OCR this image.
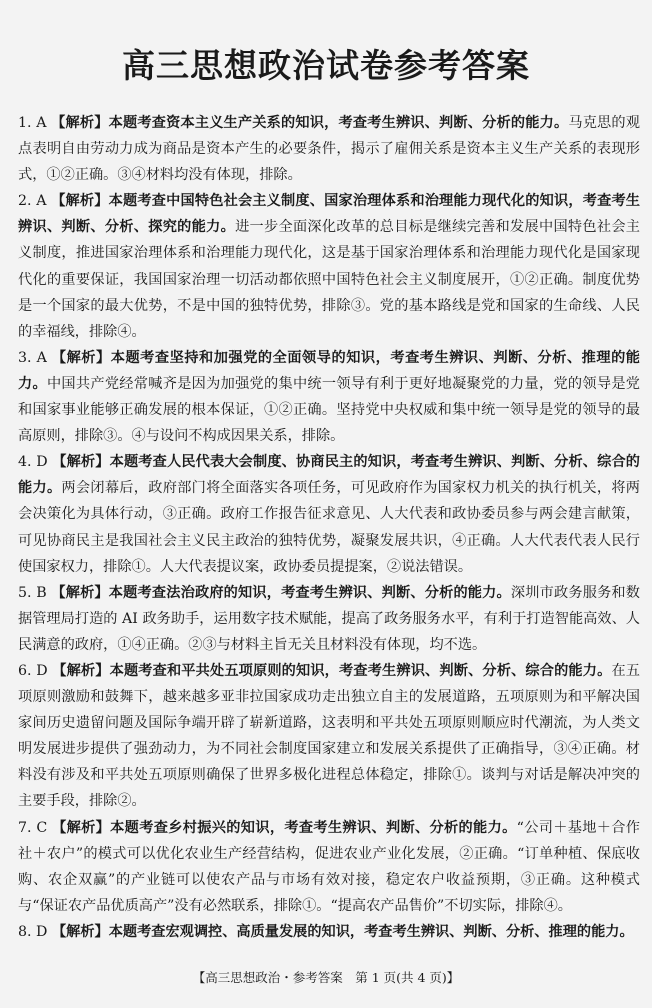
高三思想政治试卷参考答案

1. A 【解析】本题考查资本主义生产关系的知识，考查考生辨识、判断、分析的能力。马克思的观点表明自由劳动力成为商品是资本产生的必要条件，揭示了雇佣关系是资本主义生产关系的表现形式，①②正确。③④材料均没有体现，排除。

2. A 【解析】本题考查中国特色社会主义制度、国家治理体系和治理能力现代化的知识，考查考生辨识、判断、分析、探究的能力。进一步全面深化改革的总目标是继续完善和发展中国特色社会主义制度，推进国家治理体系和治理能力现代化，这是基于国家治理体系和治理能力现代化是国家现代化的重要保证，我国国家治理一切活动都依照中国特色社会主义制度展开，①②正确。制度优势是一个国家的最大优势，不是中国的独特优势，排除③。党的基本路线是党和国家的生命线、人民的幸福线，排除④。

3. A 【解析】本题考查坚持和加强党的全面领导的知识，考查考生辨识、判断、分析、推理的能力。中国共产党经常喊齐是因为加强党的集中统一领导有利于更好地凝聚党的力量，党的领导是党和国家事业能够正确发展的根本保证，①②正确。坚持党中央权威和集中统一领导是党的领导的最高原则，排除③。④与设问不构成因果关系，排除。

4. D 【解析】本题考查人民代表大会制度、协商民主的知识，考查考生辨识、判断、分析、综合的能力。两会闭幕后，政府部门将全面落实各项任务，可见政府作为国家权力机关的执行机关，将两会决策化为具体行动，③正确。政府工作报告征求意见、人大代表和政协委员参与两会建言献策，可见协商民主是我国社会主义民主政治的独特优势，凝聚发展共识，④正确。人大代表代表人民行使国家权力，排除①。人大代表提议案，政协委员提提案，②说法错误。

5. B 【解析】本题考查法治政府的知识，考查考生辨识、判断、分析的能力。深圳市政务服务和数据管理局打造的 AI 政务助手，运用数字技术赋能，提高了政务服务水平，有利于打造智能高效、人民满意的政府，①④正确。②③与材料主旨无关且材料没有体现，均不选。

6. D 【解析】本题考查和平共处五项原则的知识，考查考生辨识、判断、分析、综合的能力。在五项原则激励和鼓舞下，越来越多亚非拉国家成功走出独立自主的发展道路，五项原则为和平解决国家间历史遗留问题及国际争端开辟了崭新道路，这表明和平共处五项原则顺应时代潮流，为人类文明发展进步提供了强劲动力，为不同社会制度国家建立和发展关系提供了正确指导，③④正确。材料没有涉及和平共处五项原则确保了世界多极化进程总体稳定，排除①。谈判与对话是解决冲突的主要手段，排除②。

7. C 【解析】本题考查乡村振兴的知识，考查考生辨识、判断、分析的能力。“公司＋基地＋合作社＋农户”的模式可以优化农业生产经营结构，促进农业产业化发展，②正确。“订单种植、保底收购、农企双赢”的产业链可以使农产品与市场有效对接，稳定农户收益预期，③正确。这种模式与“保证农产品优质高产”没有必然联系，排除①。“提高农产品售价”不切实际，排除④。

8. D 【解析】本题考查宏观调控、高质量发展的知识，考查考生辨识、判断、分析、推理的能力。

【高三思想政治・参考答案　第 1 页(共 4 页)】
